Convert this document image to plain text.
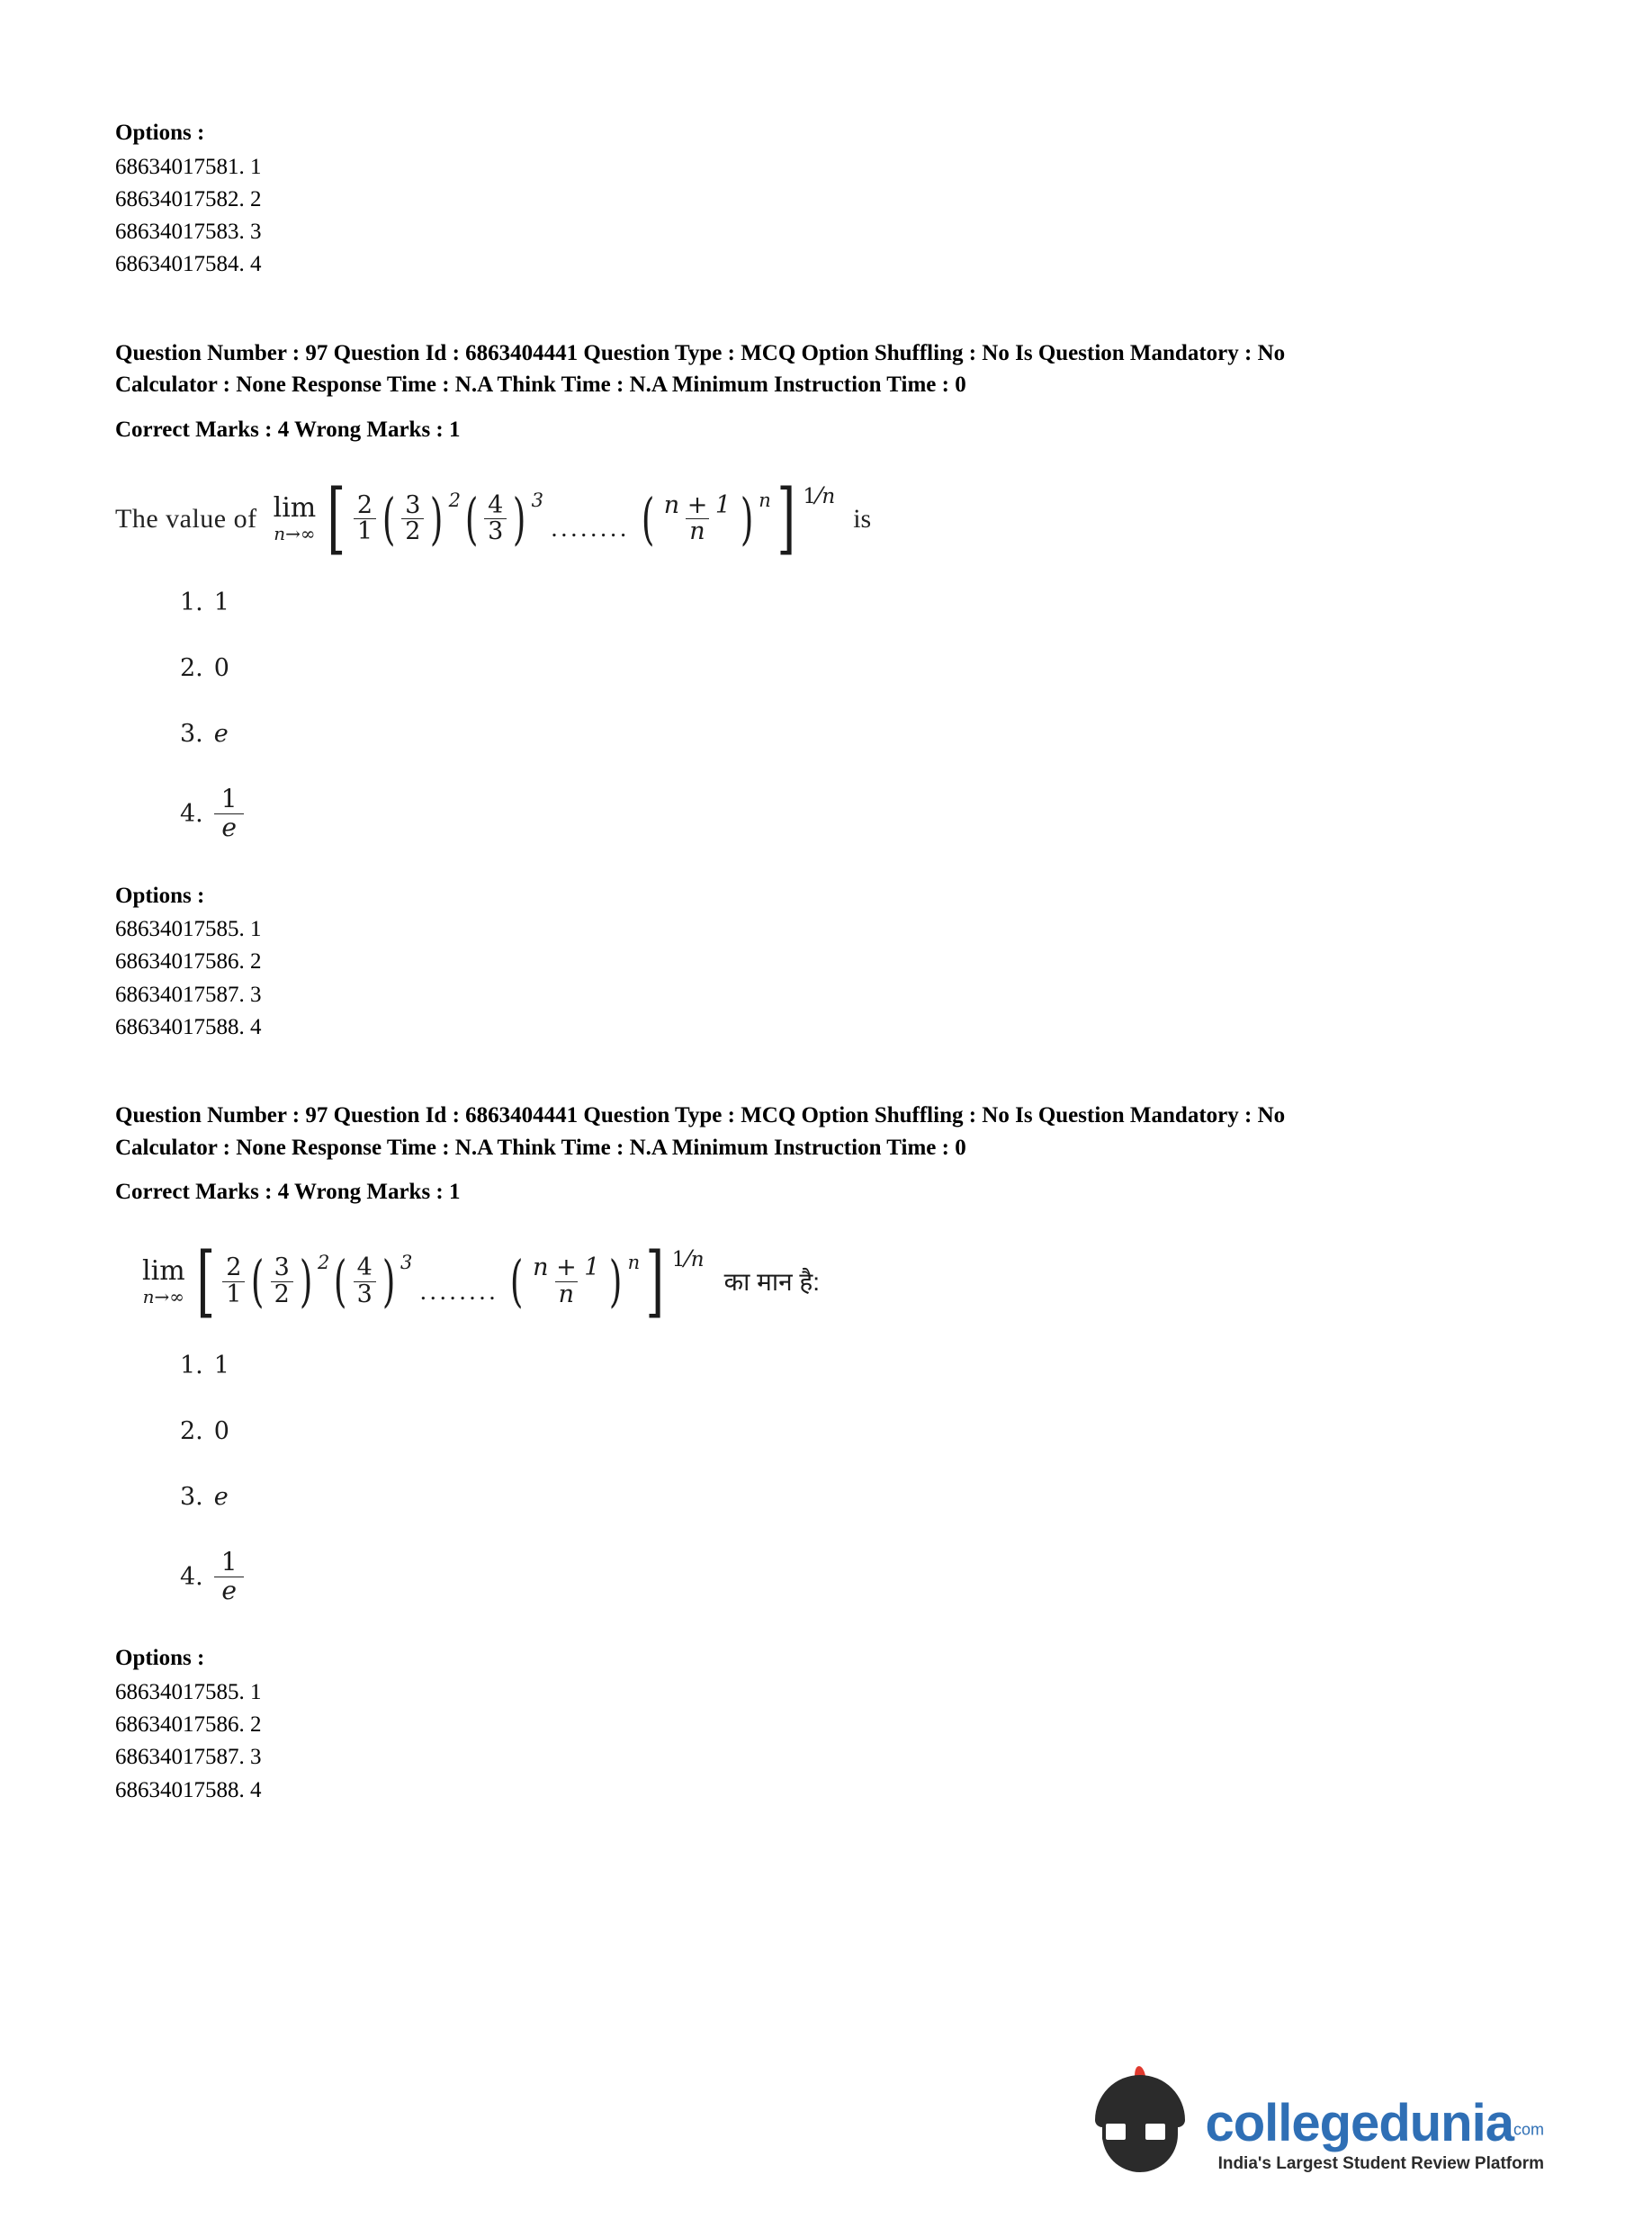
Options :
68634017581. 1
68634017582. 2
68634017583. 3
68634017584. 4
Question Number : 97 Question Id : 6863404441 Question Type : MCQ Option Shuffling : No Is Question Mandatory : No
Calculator : None Response Time : N.A Think Time : N.A Minimum Instruction Time : 0
Correct Marks : 4 Wrong Marks : 1
The value of lim
n→∞ [ $\frac{2}{1}$ ( $\frac{3}{2}$ ) 2 ( $\frac{4}{3}$ ) 3
........ ( $\frac{n + 1}{n}$ ) n ] 1 ⁄ n
is
1. 1
2. 0
3. e
4. $\frac{1}{e}$
Options :
68634017585. 1
68634017586. 2
68634017587. 3
68634017588. 4
Question Number : 97 Question Id : 6863404441 Question Type : MCQ Option Shuffling : No Is Question Mandatory : No
Calculator : None Response Time : N.A Think Time : N.A Minimum Instruction Time : 0
Correct Marks : 4 Wrong Marks : 1
lim
n→∞ [ $\frac{2}{1}$ ( $\frac{3}{2}$ ) 2 ( $\frac{4}{3}$ ) 3
........ ( $\frac{n + 1}{n}$ ) n ] 1 ⁄ n
का मान है:
1. 1
2. 0
3. e
4. $\frac{1}{e}$
Options :
68634017585. 1
68634017586. 2
68634017587. 3
68634017588. 4
collegeduniacom
India's Largest Student Review Platform
